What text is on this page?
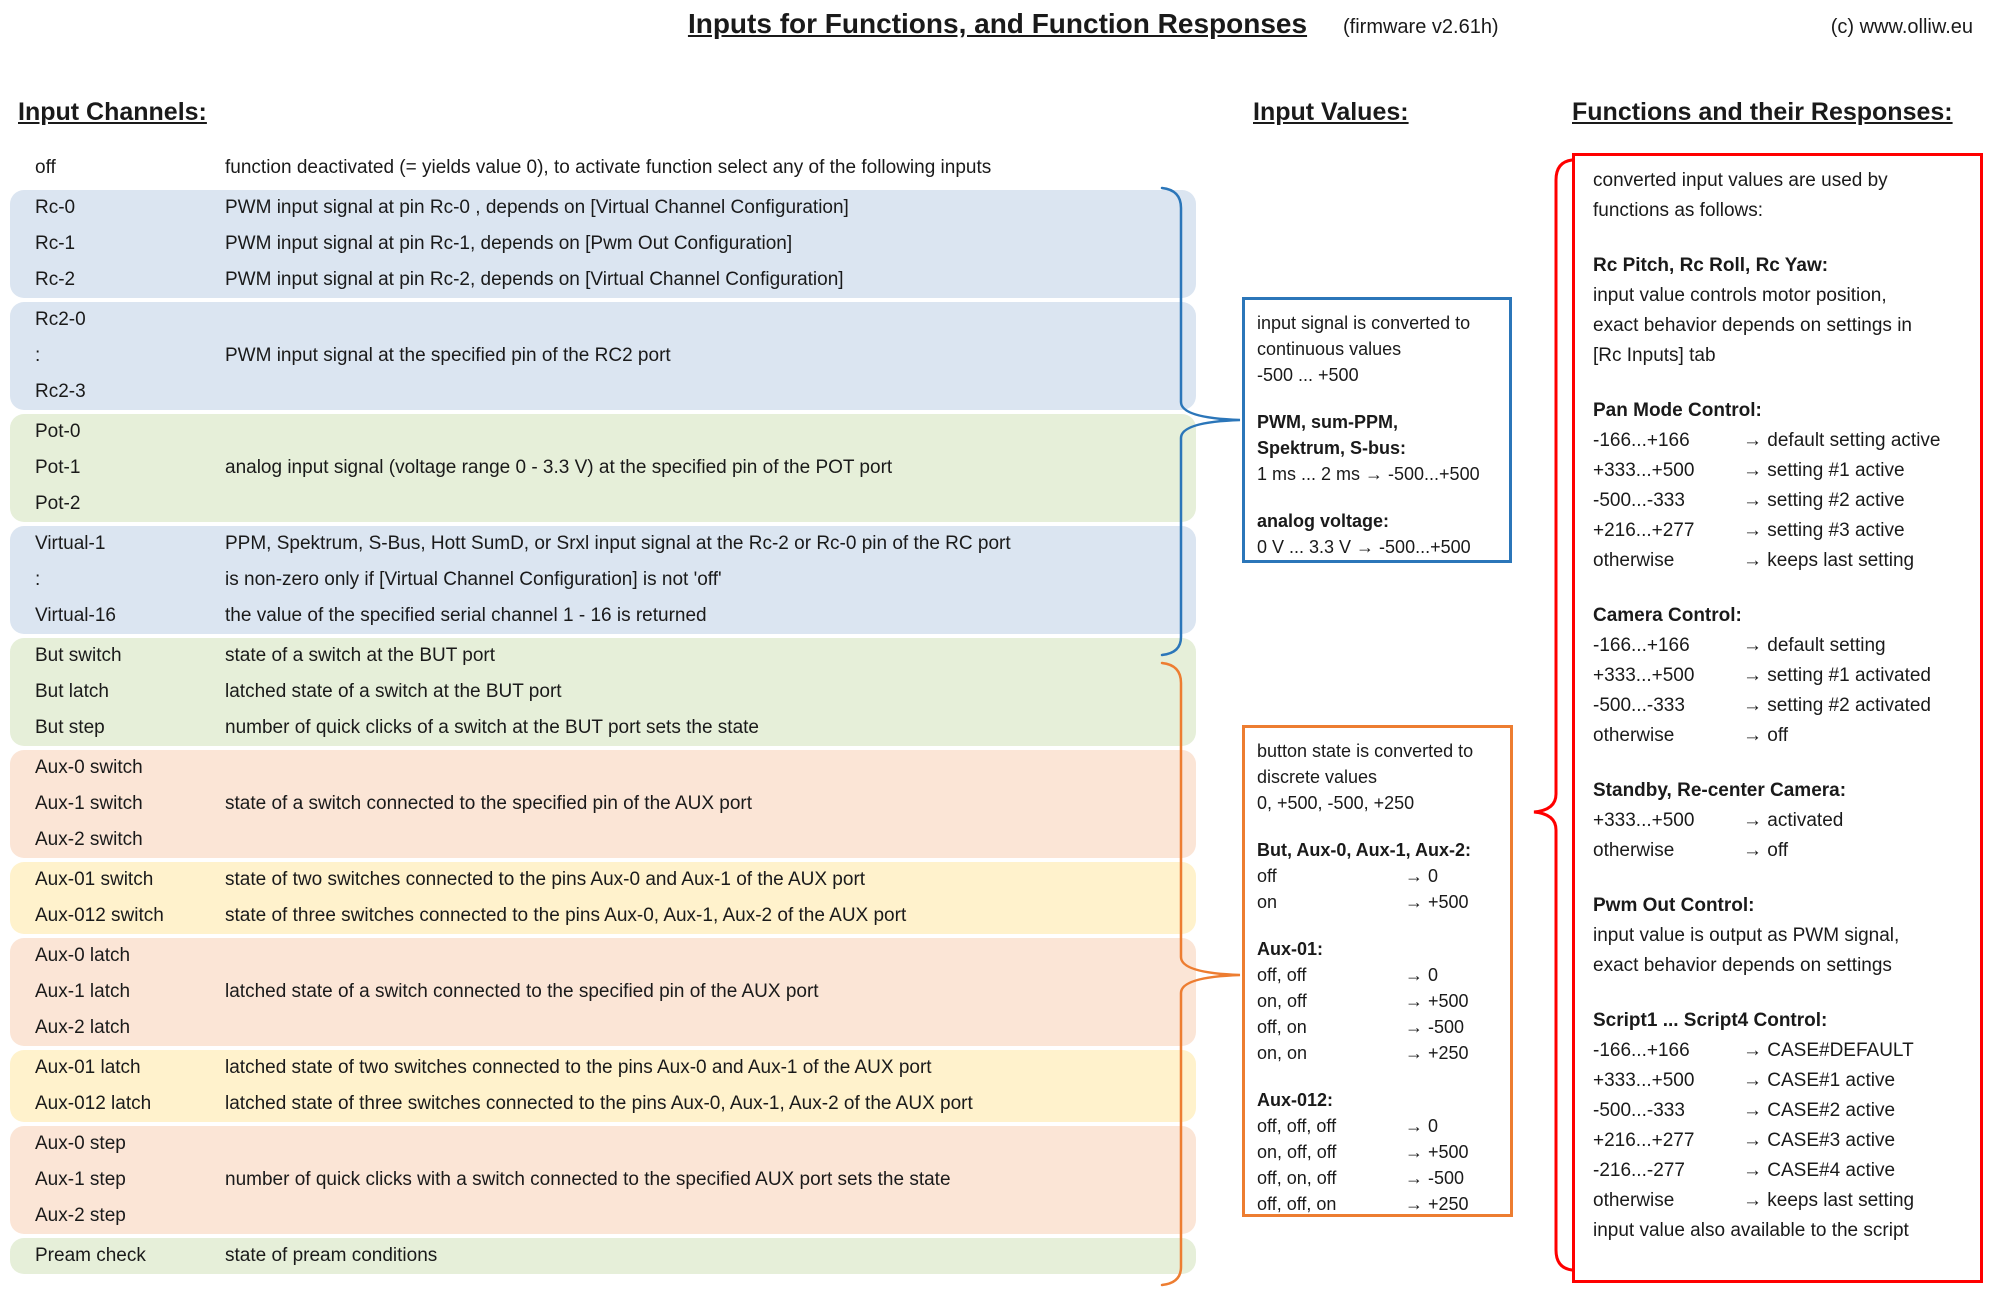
Inputs for Functions, and Function Responses	(firmware v2.61h)	(c) www.olliw.eu
Input Channels:	Input Values:	Functions and their Responses:
off	function deactivated (= yields value 0), to activate function select any of the following inputs
Rc-0	PWM input signal at pin Rc-0 , depends on [Virtual Channel Configuration]
Rc-1	PWM input signal at pin Rc-1, depends on [Pwm Out Configuration]
Rc-2	PWM input signal at pin Rc-2, depends on [Virtual Channel Configuration]
Rc2-0
:	PWM input signal at the specified pin of the RC2 port
Rc2-3
Pot-0
Pot-1	analog input signal (voltage range 0 - 3.3 V) at the specified pin of the POT port
Pot-2
Virtual-1	PPM, Spektrum, S-Bus, Hott SumD, or Srxl input signal at the Rc-2 or Rc-0 pin of the RC port
:	is non-zero only if [Virtual Channel Configuration] is not 'off'
Virtual-16	the value of the specified serial channel 1 - 16 is returned
But switch	state of a switch at the BUT port
But latch	latched state of a switch at the BUT port
But step	number of quick clicks of a switch at the BUT port sets the state
Aux-0 switch
Aux-1 switch	state of a switch connected to the specified pin of the AUX port
Aux-2 switch
Aux-01 switch	state of two switches connected to the pins Aux-0 and Aux-1 of the AUX port
Aux-012 switch	state of three switches connected to the pins Aux-0, Aux-1, Aux-2 of the AUX port
Aux-0 latch
Aux-1 latch	latched state of a switch connected to the specified pin of the AUX port
Aux-2 latch
Aux-01 latch	latched state of two switches connected to the pins Aux-0 and Aux-1 of the AUX port
Aux-012 latch	latched state of three switches connected to the pins Aux-0, Aux-1, Aux-2 of the AUX port
Aux-0 step
Aux-1 step	number of quick clicks with a switch connected to the specified AUX port sets the state
Aux-2 step
Pream check	state of pream conditions
input signal is converted to
continuous values
-500 ... +500
PWM, sum-PPM,
Spektrum, S-bus:
1 ms ... 2 ms → -500...+500
analog voltage:
0 V ... 3.3 V → -500...+500
button state is converted to
discrete values
0, +500, -500, +250
But, Aux-0, Aux-1, Aux-2:
off	→ 0
on	→ +500
Aux-01:
off, off	→ 0
on, off	→ +500
off, on	→ -500
on, on	→ +250
Aux-012:
off, off, off	→ 0
on, off, off	→ +500
off, on, off	→ -500
off, off, on	→ +250
converted input values are used by
functions as follows:
Rc Pitch, Rc Roll, Rc Yaw:
input value controls motor position,
exact behavior depends on settings in
[Rc Inputs] tab
Pan Mode Control:
-166...+166	→ default setting active
+333...+500	→ setting #1 active
-500...-333	→ setting #2 active
+216...+277	→ setting #3 active
otherwise	→ keeps last setting
Camera Control:
-166...+166	→ default setting
+333...+500	→ setting #1 activated
-500...-333	→ setting #2 activated
otherwise	→ off
Standby, Re-center Camera:
+333...+500	→ activated
otherwise	→ off
Pwm Out Control:
input value is output as PWM signal,
exact behavior depends on settings
Script1 ... Script4 Control:
-166...+166	→ CASE#DEFAULT
+333...+500	→ CASE#1 active
-500...-333	→ CASE#2 active
+216...+277	→ CASE#3 active
-216...-277	→ CASE#4 active
otherwise	→ keeps last setting
input value also available to the script
